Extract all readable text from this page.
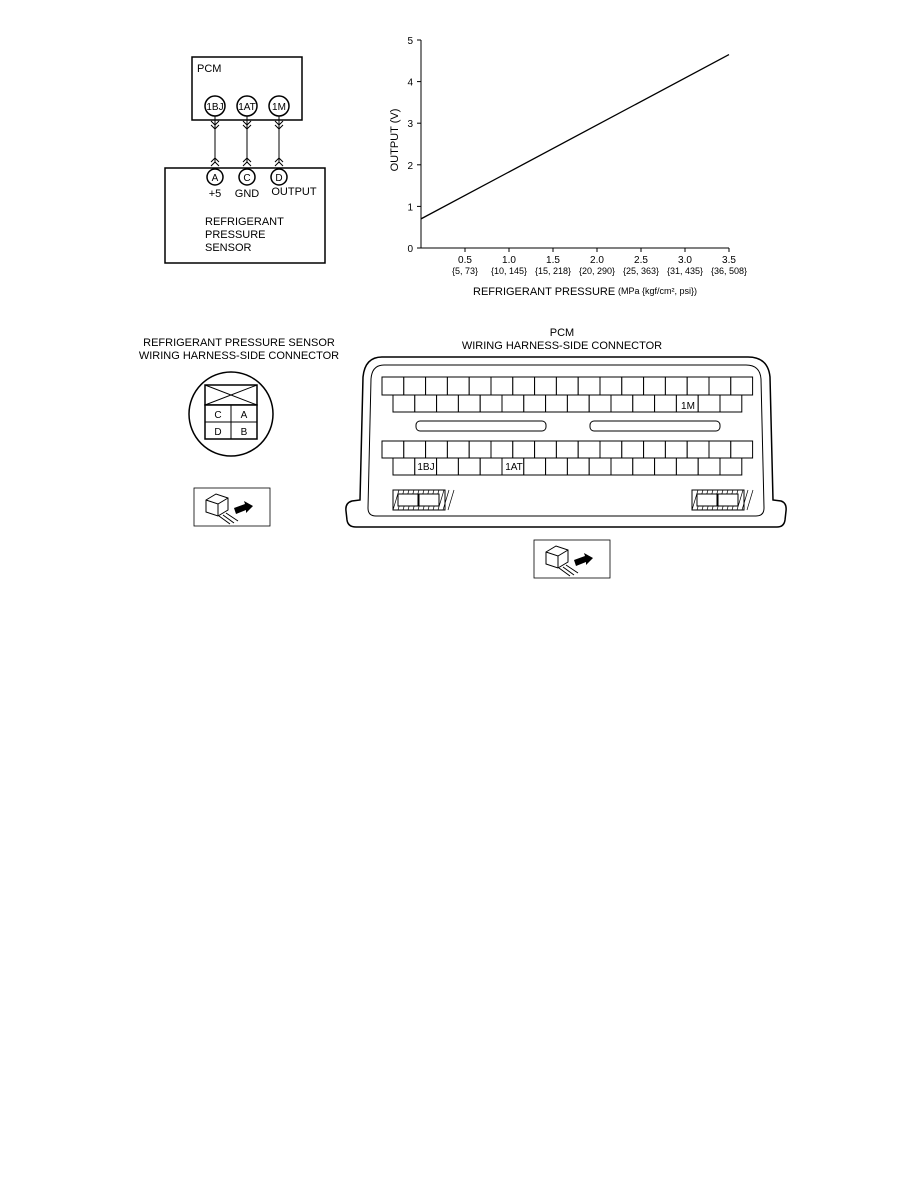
PCM
1BJ 1AT 1M
A	C D
+5 GND OUTPUT
REFRIGERANT
PRESSURE
SENSOR	0
1
2
3
4
5
0.5
{5, 73}
1.0
{10, 145}
1.5
{15, 218}
2.0
{20, 290}
2.5
{25, 363}
3.0
{31, 435}
3.5
{36, 508}
OUTPUT (V)
REFRIGERANT PRESSURE (MPa {kgf/cm², psi})
REFRIGERANT PRESSURE SENSOR
WIRING HARNESS-SIDE CONNECTOR
C A
D B
PCM
WIRING HARNESS-SIDE CONNECTOR
1M
1BJ	1AT
